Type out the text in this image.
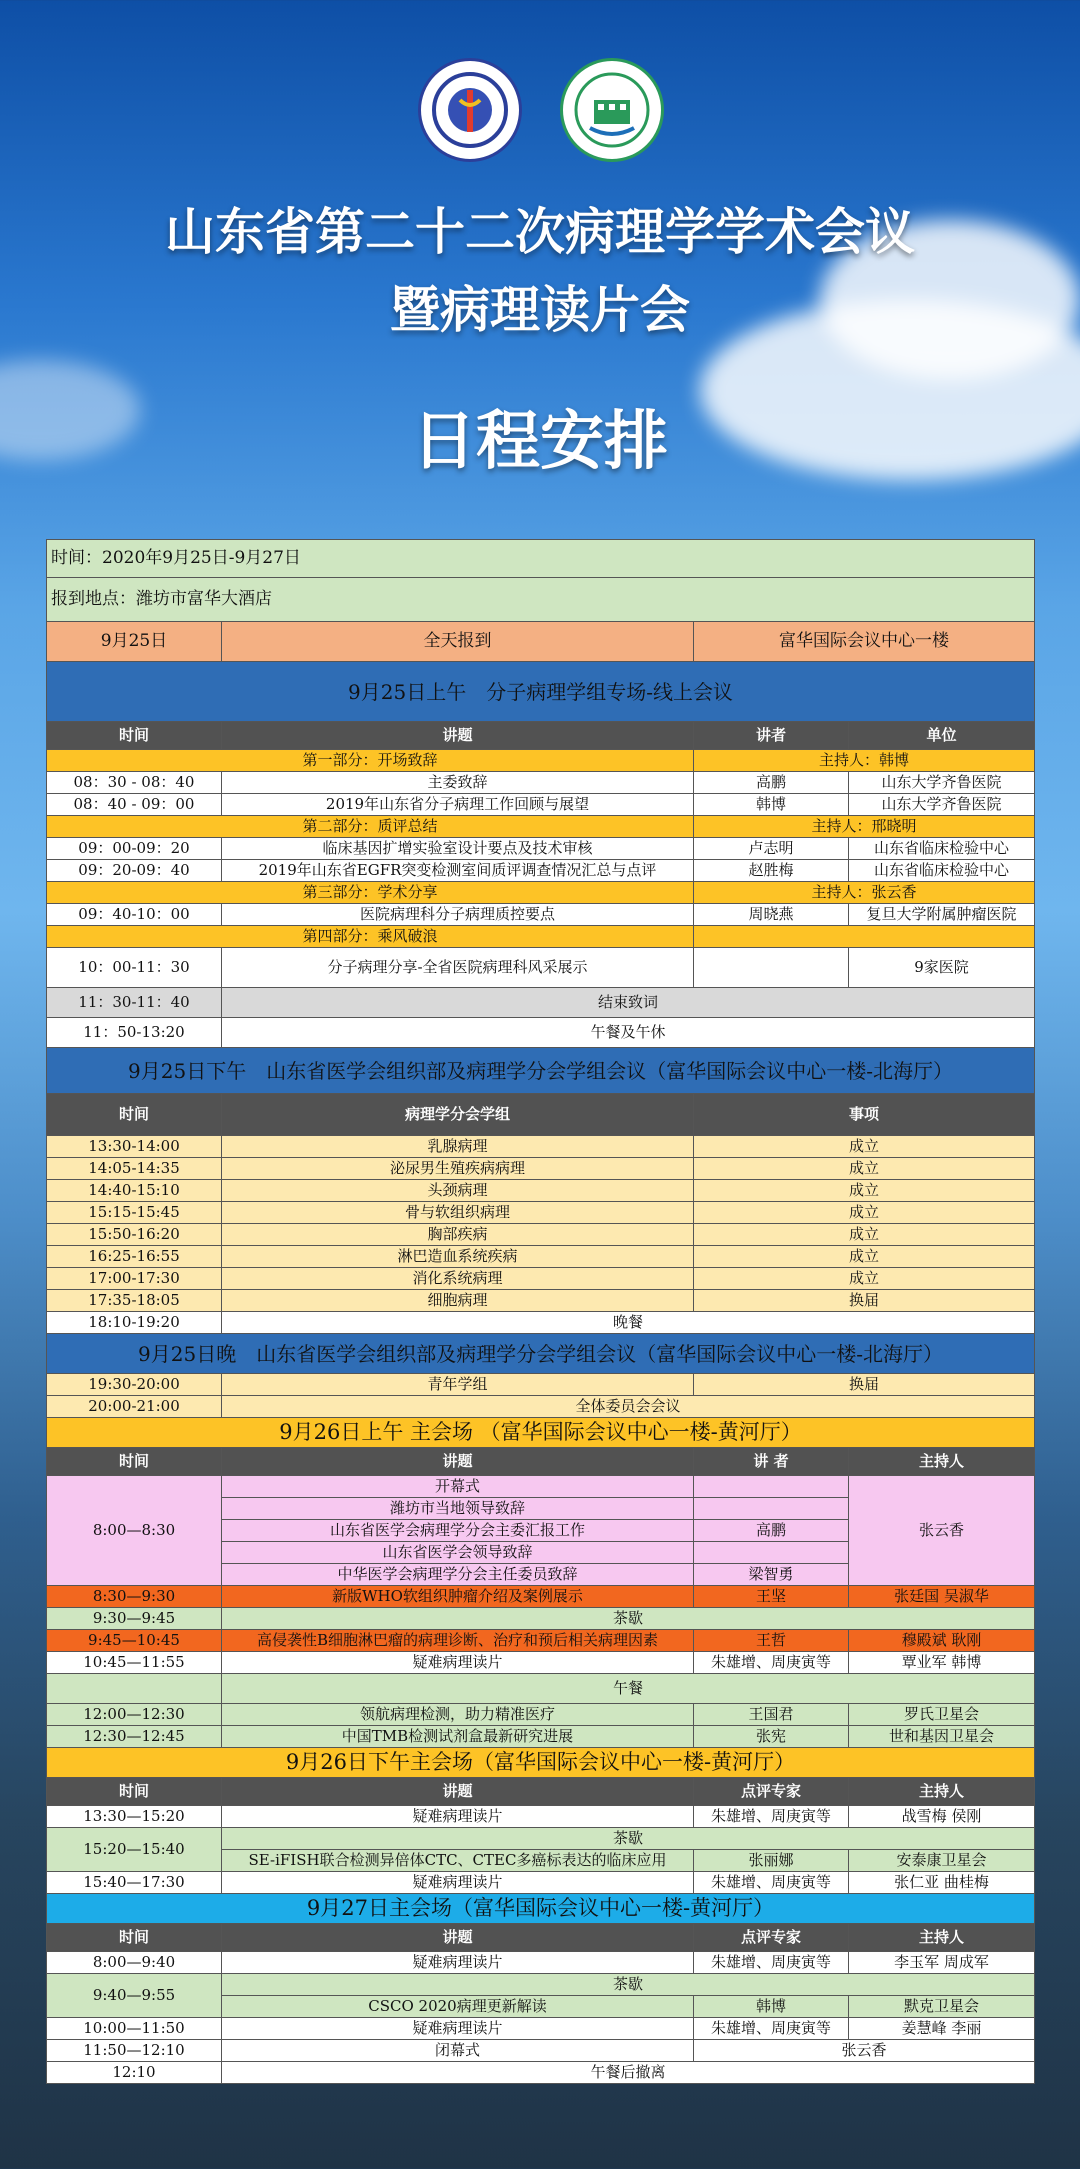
山东省第二十二次病理学学术会议
暨病理读片会
日程安排
时间：2020年9月25日-9月27日			
报到地点：潍坊市富华大酒店			
9月25日	全天报到	富华国际会议中心一楼	
9月25日上午　分子病理学组专场-线上会议			
时间	讲题	讲者	单位
第一部分：开场致辞		主持人：韩博	
08：30 - 08：40	主委致辞	高鹏	山东大学齐鲁医院
08：40 - 09：00	2019年山东省分子病理工作回顾与展望	韩博	山东大学齐鲁医院
第二部分：质评总结		主持人：邢晓明	
09：00-09：20	临床基因扩增实验室设计要点及技术审核	卢志明	山东省临床检验中心
09：20-09：40	2019年山东省EGFR突变检测室间质评调查情况汇总与点评	赵胜梅	山东省临床检验中心
第三部分：学术分享		主持人：张云香	
09：40-10：00	医院病理科分子病理质控要点	周晓燕	复旦大学附属肿瘤医院
第四部分：乘风破浪			
10：00-11：30	分子病理分享-全省医院病理科风采展示		9家医院
11：30-11：40	结束致词		
11：50-13:20	午餐及午休		
9月25日下午　山东省医学会组织部及病理学分会学组会议（富华国际会议中心一楼-北海厅）			
时间	病理学分会学组	事项	
13:30-14:00	乳腺病理	成立	
14:05-14:35	泌尿男生殖疾病病理	成立	
14:40-15:10	头颈病理	成立	
15:15-15:45	骨与软组织病理	成立	
15:50-16:20	胸部疾病	成立	
16:25-16:55	淋巴造血系统疾病	成立	
17:00-17:30	消化系统病理	成立	
17:35-18:05	细胞病理	换届	
18:10-19:20	晚餐		
9月25日晚　山东省医学会组织部及病理学分会学组会议（富华国际会议中心一楼-北海厅）			
19:30-20:00	青年学组	换届	
20:00-21:00	全体委员会会议		
9月26日上午 主会场 （富华国际会议中心一楼-黄河厅）			
时间	讲题	讲 者	主持人
8:00—8:30	开幕式		张云香
	潍坊市当地领导致辞		
	山东省医学会病理学分会主委汇报工作	高鹏	
	山东省医学会领导致辞		
	中华医学会病理学分会主任委员致辞	梁智勇	
8:30—9:30	新版WHO软组织肿瘤介绍及案例展示	王坚	张廷国 吴淑华
9:30—9:45	茶歇		
9:45—10:45	高侵袭性B细胞淋巴瘤的病理诊断、治疗和预后相关病理因素	王哲	穆殿斌 耿刚
10:45—11:55	疑难病理读片	朱雄增、周庚寅等	覃业军 韩博
	午餐		
12:00—12:30	领航病理检测，助力精准医疗	王国君	罗氏卫星会
12:30—12:45	中国TMB检测试剂盒最新研究进展	张宪	世和基因卫星会
9月26日下午主会场（富华国际会议中心一楼-黄河厅）			
时间	讲题	点评专家	主持人
13:30—15:20	疑难病理读片	朱雄增、周庚寅等	战雪梅 侯刚
15:20—15:40	茶歇		
	SE-iFISH联合检测异倍体CTC、CTEC多癌标表达的临床应用	张丽娜	安泰康卫星会
15:40—17:30	疑难病理读片	朱雄增、周庚寅等	张仁亚 曲桂梅
9月27日主会场（富华国际会议中心一楼-黄河厅）			
时间	讲题	点评专家	主持人
8:00—9:40	疑难病理读片	朱雄增、周庚寅等	李玉军 周成军
9:40—9:55	茶歇		
	CSCO 2020病理更新解读	韩博	默克卫星会
10:00—11:50	疑难病理读片	朱雄增、周庚寅等	姜慧峰 李丽
11:50—12:10	闭幕式	张云香	
12:10	午餐后撤离		
